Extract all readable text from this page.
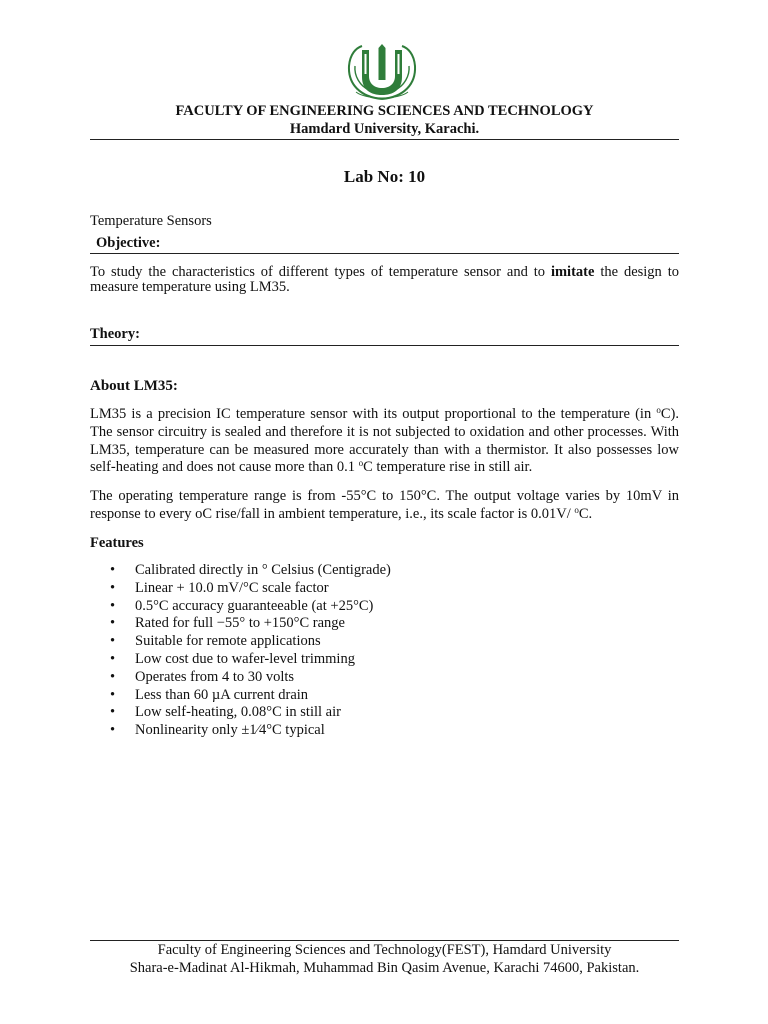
FACULTY OF ENGINEERING SCIENCES AND TECHNOLOGY
Hamdard University, Karachi.
Lab No: 10
Temperature Sensors
Objective:
To study the characteristics of different types of temperature sensor and to imitate the design to measure temperature using LM35.
Theory:
About LM35:
LM35 is a precision IC temperature sensor with its output proportional to the temperature (in $^o$C). The sensor circuitry is sealed and therefore it is not subjected to oxidation and other processes. With LM35, temperature can be measured more accurately than with a thermistor. It also possesses low self-heating and does not cause more than 0.1 $^o$C temperature rise in still air.
The operating temperature range is from -55°C to 150°C. The output voltage varies by 10mV in response to every oC rise/fall in ambient temperature, i.e., its scale factor is 0.01V/ $^o$C.
Features
• Calibrated directly in ° Celsius (Centigrade)
• Linear + 10.0 mV/°C scale factor
• 0.5°C accuracy guaranteeable (at +25°C)
• Rated for full −55° to +150°C range
• Suitable for remote applications
• Low cost due to wafer-level trimming
• Operates from 4 to 30 volts
• Less than 60 µA current drain
• Low self-heating, 0.08°C in still air
• Nonlinearity only ±1⁄4°C typical
Faculty of Engineering Sciences and Technology(FEST), Hamdard University
Shara-e-Madinat Al-Hikmah, Muhammad Bin Qasim Avenue, Karachi 74600, Pakistan.
